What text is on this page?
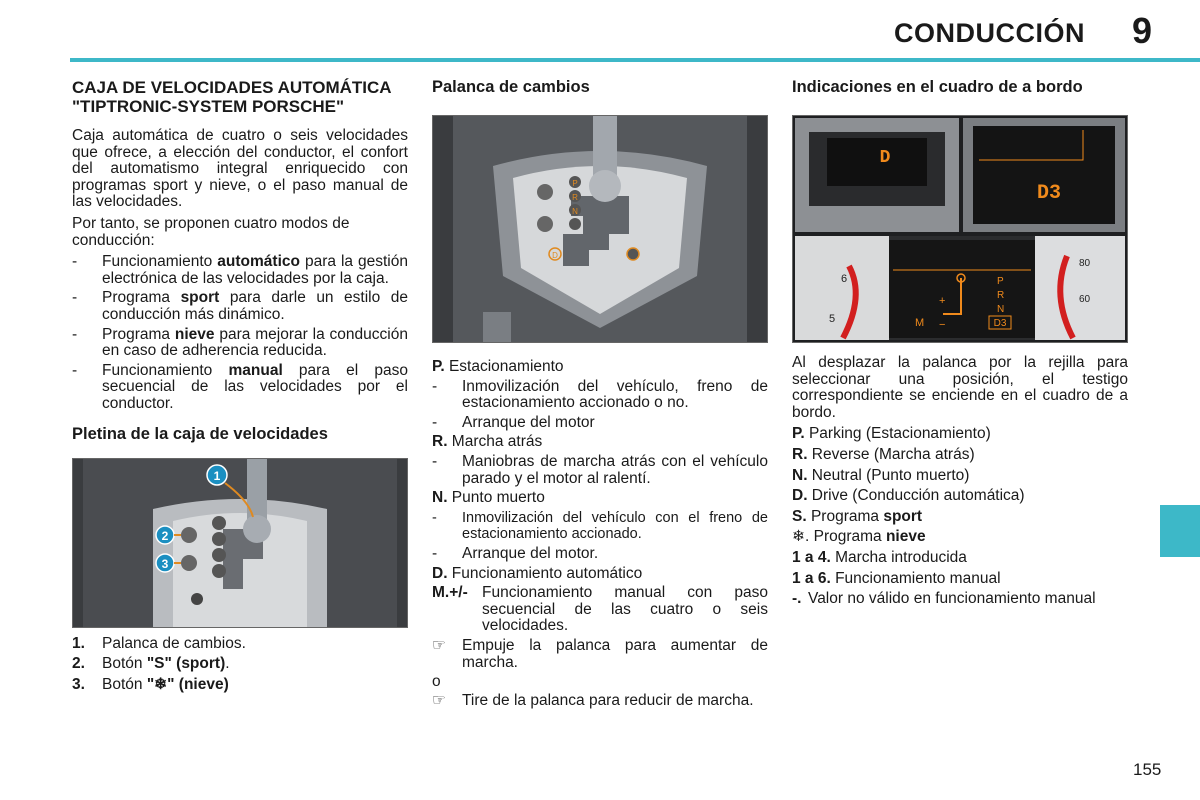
CONDUCCIÓN 9
155
CAJA DE VELOCIDADES AUTOMÁTICA "TIPTRONIC-SYSTEM PORSCHE"

Caja automática de cuatro o seis velocidades que ofrece, a elección del conductor, el confort del automatismo integral enriquecido con programas sport y nieve, o el paso manual de las velocidades.

Por tanto, se proponen cuatro modos de conducción:

-	Funcionamiento automático para la gestión electrónica de las velocidades por la caja.
-	Programa sport para darle un estilo de conducción más dinámico.
-	Programa nieve para mejorar la conducción en caso de adherencia reducida.
-	Funcionamiento manual para el paso secuencial de las velocidades por el conductor.
Pletina de la caja de velocidades
1
2
3
1.	Palanca de cambios.
2.	Botón "S" (sport).
3.	Botón "❄" (nieve)
Palanca de cambios
P
R
N
D

P. Estacionamiento

-	Inmovilización del vehículo, freno de estacionamiento accionado o no.
-	Arranque del motor

R. Marcha atrás

-	Maniobras de marcha atrás con el vehículo parado y el motor al ralentí.

N. Punto muerto

-	Inmovilización del vehículo con el freno de estacionamiento accionado.
-	Arranque del motor.

D. Funcionamiento automático

M.+/- Funcionamiento manual con paso secuencial de las cuatro o seis velocidades.
☞	Empuje la palanca para aumentar de marcha.

o

☞	Tire de la palanca para reducir de marcha.
Indicaciones en el cuadro de a bordo
D
D3
6
5
P
R
N
D3
M
+
−
80
60

Al desplazar la palanca por la rejilla para seleccionar una posición, el testigo correspondiente se enciende en el cuadro de a bordo.

P. Parking (Estacionamiento)

R. Reverse (Marcha atrás)

N. Neutral (Punto muerto)

D. Drive (Conducción automática)

S. Programa sport

❄. Programa nieve

1 a 4. Marcha introducida

1 a 6. Funcionamiento manual

-. Valor no válido en funcionamiento manual
